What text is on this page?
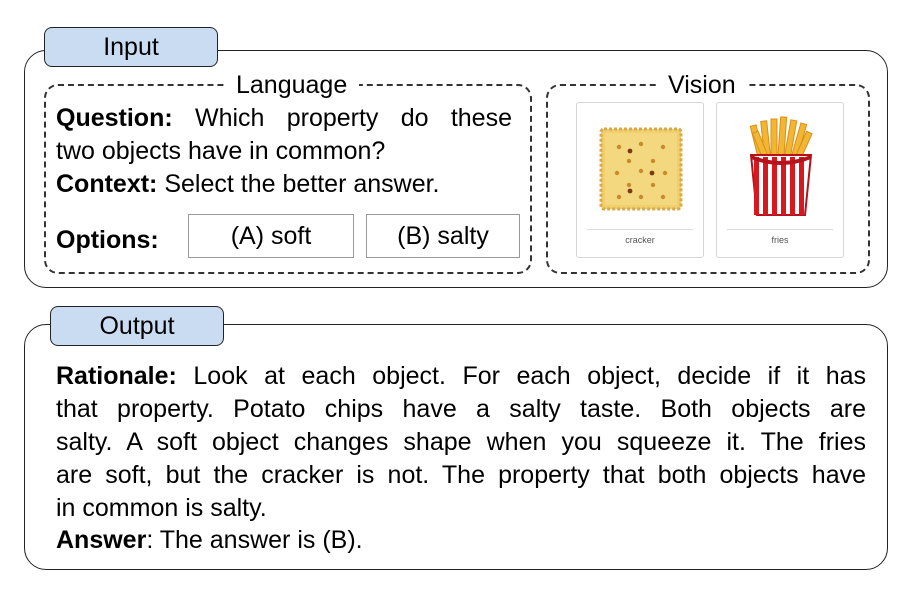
Input
Language
Question: Which property do these
two objects have in common?
Context: Select the better answer.
Options:	(A) soft	(B) salty
Vision
cracker	fries
Output
Rationale: Look at each object. For each object, decide if it has
that property. Potato chips have a salty taste. Both objects are
salty. A soft object changes shape when you squeeze it. The fries
are soft, but the cracker is not. The property that both objects have
in common is salty.
Answer: The answer is (B).
